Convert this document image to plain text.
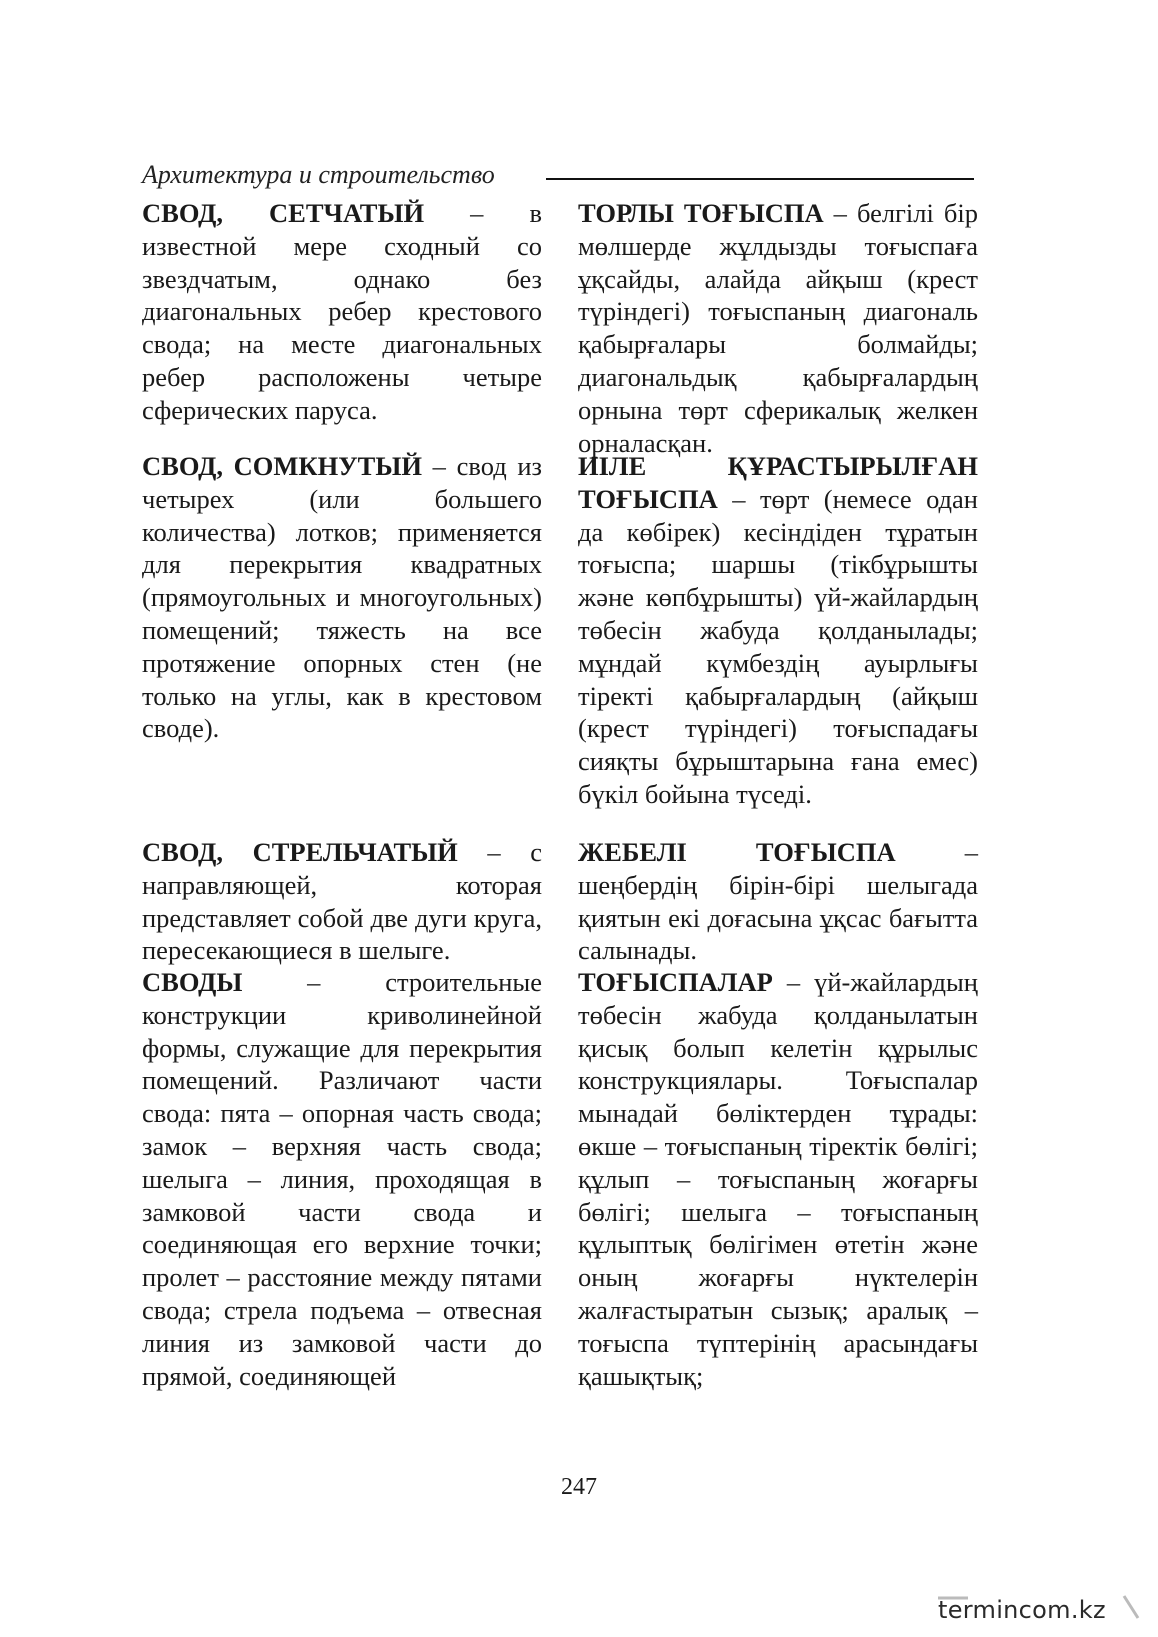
Архитектура и строительство

СВОД, СЕТЧАТЫЙ – в известной мере сходный со звездчатым, однако без диагональных ребер крестового свода; на месте диагональных ребер расположены четыре сферических паруса.

СВОД, СОМКНУТЫЙ – свод из четырех (или большего количества) лотков; применяется для перекрытия квадратных (прямоугольных и многоугольных) помещений; тяжесть на все протяжение опорных стен (не только на углы, как в крестовом своде).

СВОД, СТРЕЛЬЧАТЫЙ – с направляющей, которая представляет собой две дуги круга, пересекающиеся в шелыге.

СВОДЫ – строительные конструкции криволинейной формы, служащие для перекрытия помещений. Различают части свода: пята – опорная часть свода; замок – верхняя часть свода; шелыга – линия, проходящая в замковой части свода и соединяющая его верхние точки; пролет – расстояние между пятами свода; стрела подъема – отвесная линия из замковой части до прямой, соединяющей

ТОРЛЫ ТОҒЫСПА – белгілі бір мөлшерде жұлдызды тоғыспаға ұқсайды, алайда айқыш (крест түріндегі) тоғыспаның диагональ қабырғалары болмайды; диагональдық қабырғалардың орнына төрт сферикалық желкен орналасқан.

ИІЛЕ ҚҰРАСТЫРЫЛҒАН ТОҒЫСПА – төрт (немесе одан да көбірек) кесіндіден тұратын тоғыспа; шаршы (тікбұрышты және көпбұрышты) үй-жайлардың төбесін жабуда қолданылады; мұндай күмбездің ауырлығы тіректі қабырғалардың (айқыш (крест түріндегі) тоғыспадағы сияқты бұрыштарына ғана емес) бүкіл бойына түседі.

ЖЕБЕЛІ ТОҒЫСПА – шеңбердің бірін-бірі шелыгада қиятын екі доғасына ұқсас бағытта салынады.

ТОҒЫСПАЛАР – үй-жайлардың төбесін жабуда қолданылатын қисық болып келетін құрылыс конструкциялары. Тоғыспалар мынадай бөліктерден тұрады: өкше – тоғыспаның тіректік бөлігі; құлып – тоғыспаның жоғарғы бөлігі; шелыга – тоғыспаның құлыптық бөлігімен өтетін және оның жоғарғы нүктелерін жалғастыратын сызық; аралық – тоғыспа түптерінің арасындағы қашықтық;

247
termincom.kz
